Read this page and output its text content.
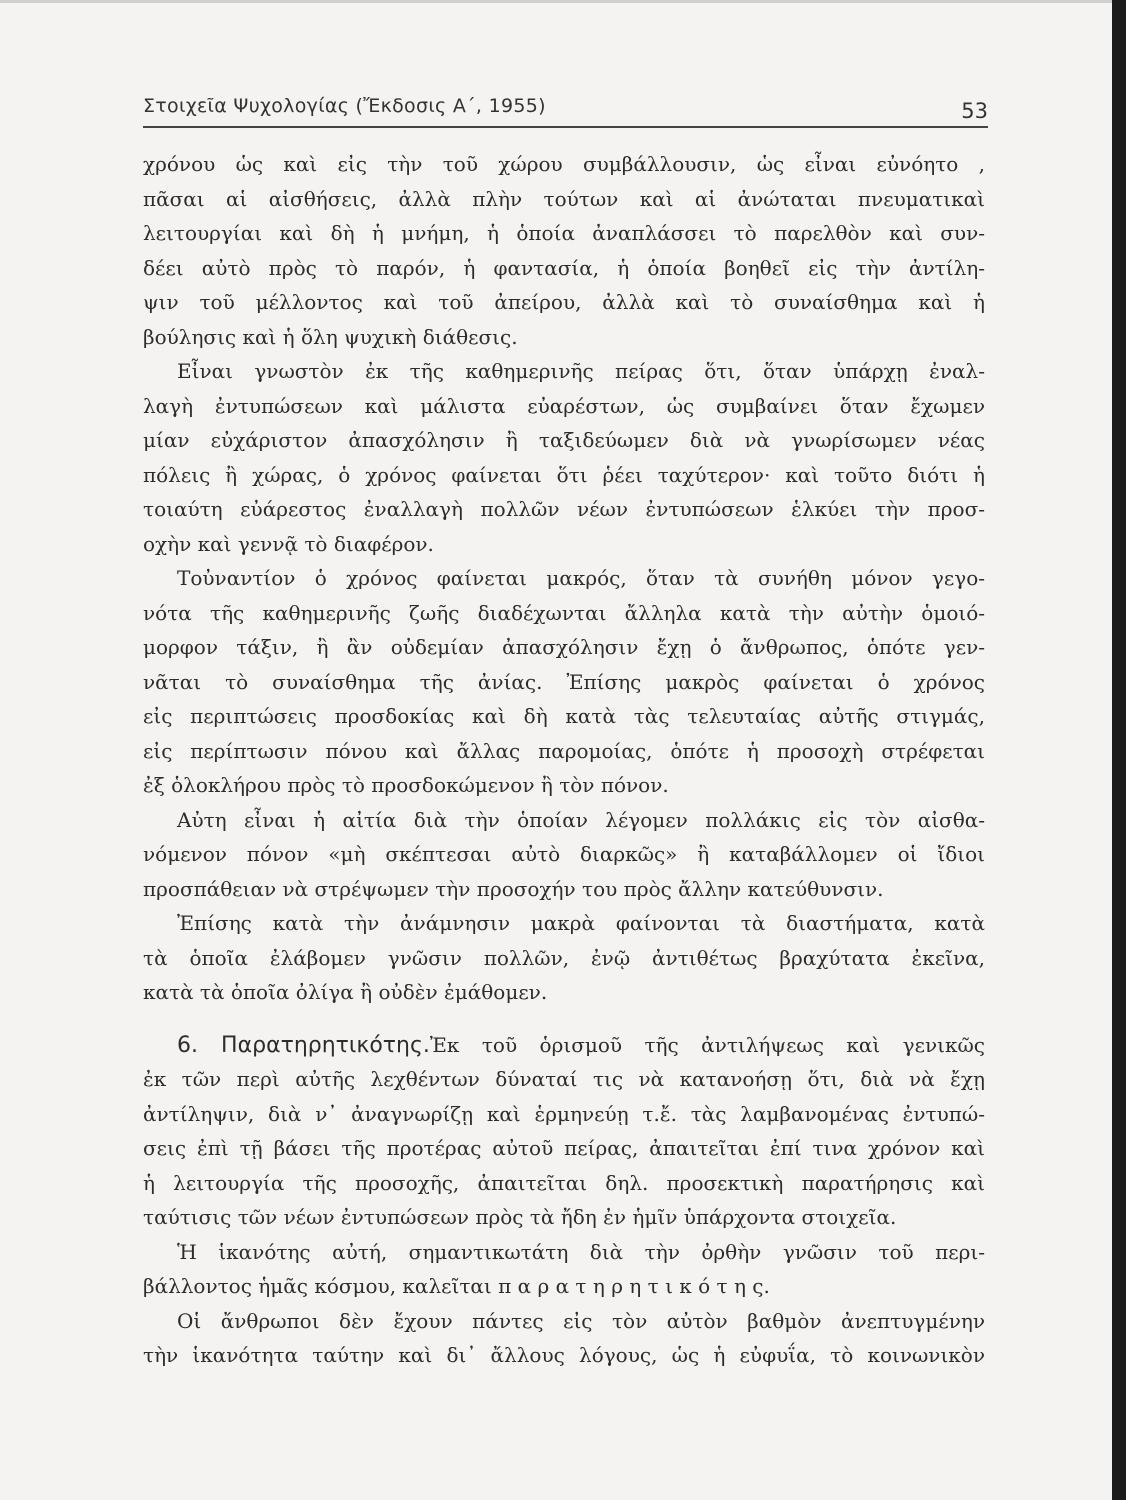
Στοιχεῖα Ψυχολογίας (Ἔκδοσις Α΄, 1955)	53
χρόνου ὡς καὶ εἰς τὴν τοῦ χώρου συμβάλλουσιν, ὡς εἶναι εὐνόητο ,
πᾶσαι αἱ αἰσθήσεις, ἀλλὰ πλὴν τούτων καὶ αἱ ἀνώταται πνευματικαὶ
λειτουργίαι καὶ δὴ ἡ μνήμη, ἡ ὁποία ἀναπλάσσει τὸ παρελθὸν καὶ συν-
δέει αὐτὸ πρὸς τὸ παρόν, ἡ φαντασία, ἡ ὁποία βοηθεῖ εἰς τὴν ἀντίλη-
ψιν τοῦ μέλλοντος καὶ τοῦ ἀπείρου, ἀλλὰ καὶ τὸ συναίσθημα καὶ ἡ
βούλησις καὶ ἡ ὅλη ψυχικὴ διάθεσις.
Εἶναι γνωστὸν ἐκ τῆς καθημερινῆς πείρας ὅτι, ὅταν ὑπάρχῃ ἐναλ-
λαγὴ ἐντυπώσεων καὶ μάλιστα εὐαρέστων, ὡς συμβαίνει ὅταν ἔχωμεν
μίαν εὐχάριστον ἀπασχόλησιν ἢ ταξιδεύωμεν διὰ νὰ γνωρίσωμεν νέας
πόλεις ἢ χώρας, ὁ χρόνος φαίνεται ὅτι ῥέει ταχύτερον· καὶ τοῦτο διότι ἡ
τοιαύτη εὐάρεστος ἐναλλαγὴ πολλῶν νέων ἐντυπώσεων ἑλκύει τὴν προσ-
οχὴν καὶ γεννᾷ τὸ διαφέρον.
Τοὐναντίον ὁ χρόνος φαίνεται μακρός, ὅταν τὰ συνήθη μόνον γεγο-
νότα τῆς καθημερινῆς ζωῆς διαδέχωνται ἄλληλα κατὰ τὴν αὐτὴν ὁμοιό-
μορφον τάξιν, ἢ ἂν οὐδεμίαν ἀπασχόλησιν ἔχῃ ὁ ἄνθρωπος, ὁπότε γεν-
νᾶται τὸ συναίσθημα τῆς ἀνίας. Ἐπίσης μακρὸς φαίνεται ὁ χρόνος
εἰς περιπτώσεις προσδοκίας καὶ δὴ κατὰ τὰς τελευταίας αὐτῆς στιγμάς,
εἰς περίπτωσιν πόνου καὶ ἄλλας παρομοίας, ὁπότε ἡ προσοχὴ στρέφεται
ἐξ ὁλοκλήρου πρὸς τὸ προσδοκώμενον ἢ τὸν πόνον.
Αὐτη εἶναι ἡ αἰτία διὰ τὴν ὁποίαν λέγομεν πολλάκις εἰς τὸν αἰσθα-
νόμενον πόνον «μὴ σκέπτεσαι αὐτὸ διαρκῶς» ἢ καταβάλλομεν οἱ ἴδιοι
προσπάθειαν νὰ στρέψωμεν τὴν προσοχήν του πρὸς ἄλλην κατεύθυνσιν.
Ἐπίσης κατὰ τὴν ἀνάμνησιν μακρὰ φαίνονται τὰ διαστήματα, κατὰ
τὰ ὁποῖα ἐλάβομεν γνῶσιν πολλῶν, ἐνῷ ἀντιθέτως βραχύτατα ἐκεῖνα,
κατὰ τὰ ὁποῖα ὀλίγα ἢ οὐδὲν ἐμάθομεν.
6. Παρατηρητικότης.Ἐκ τοῦ ὁρισμοῦ τῆς ἀντιλήψεως καὶ γενικῶς
ἐκ τῶν περὶ αὐτῆς λεχθέντων δύναταί τις νὰ κατανοήσῃ ὅτι, διὰ νὰ ἔχῃ
ἀντίληψιν, διὰ ν᾽ ἀναγνωρίζῃ καὶ ἑρμηνεύῃ τ.ἔ. τὰς λαμβανομένας ἐντυπώ-
σεις ἐπὶ τῇ βάσει τῆς προτέρας αὐτοῦ πείρας, ἀπαιτεῖται ἐπί τινα χρόνον καὶ
ἡ λειτουργία τῆς προσοχῆς, ἀπαιτεῖται δηλ. προσεκτικὴ παρατήρησις καὶ
ταύτισις τῶν νέων ἐντυπώσεων πρὸς τὰ ἤδη ἐν ἡμῖν ὑπάρχοντα στοιχεῖα.
Ἡ ἱκανότης αὐτή, σημαντικωτάτη διὰ τὴν ὀρθὴν γνῶσιν τοῦ περι-
βάλλοντος ἡμᾶς κόσμου, καλεῖται π α ρ α τ η ρ η τ ι κ ό τ η ς.
Οἱ ἄνθρωποι δὲν ἔχουν πάντες εἰς τὸν αὐτὸν βαθμὸν ἀνεπτυγμένην
τὴν ἱκανότητα ταύτην καὶ δι᾽ ἄλλους λόγους, ὡς ἡ εὐφυΐα, τὸ κοινωνικὸν
